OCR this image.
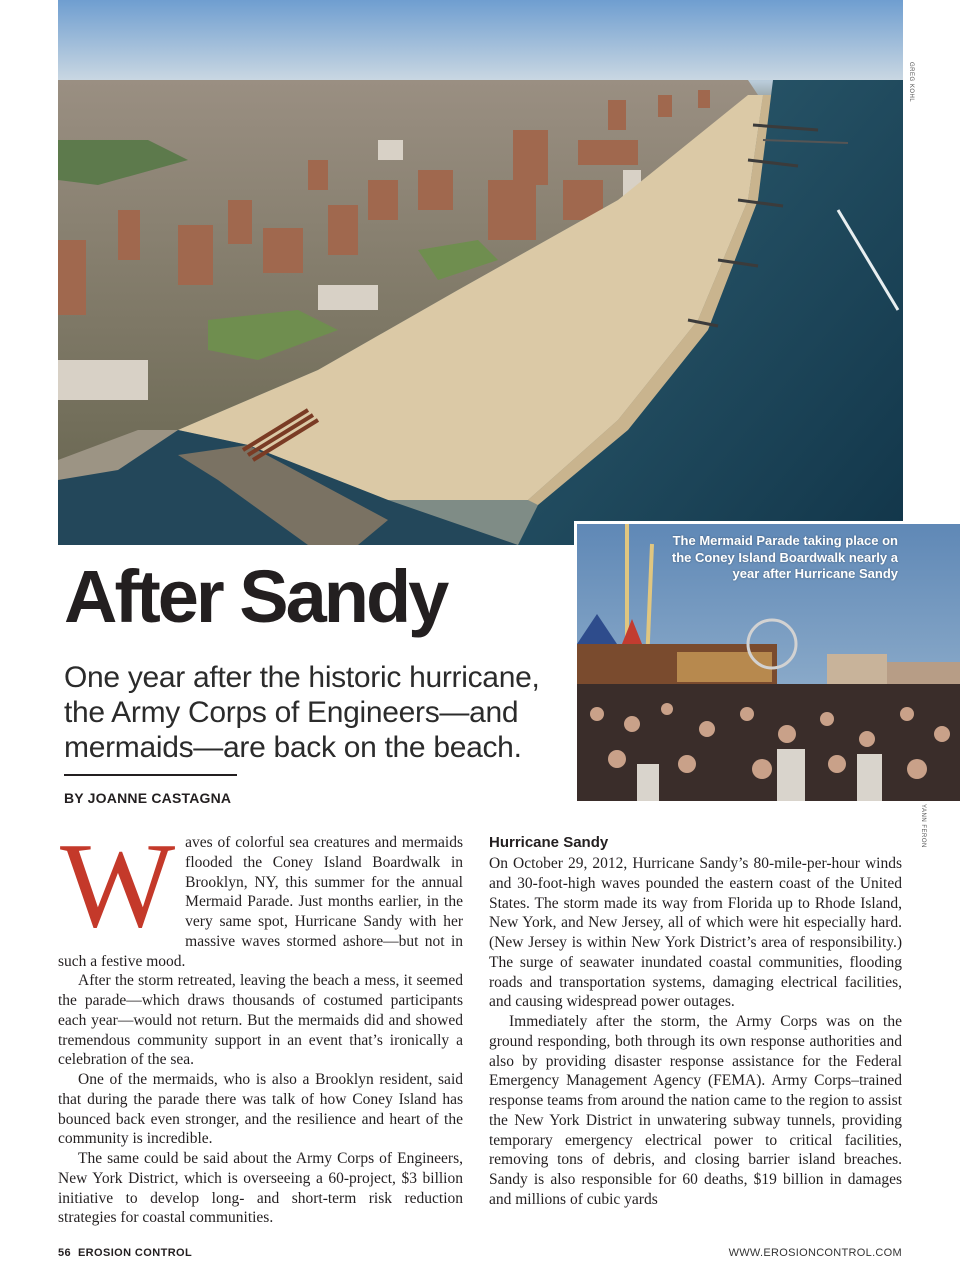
GREG KOHL
The Mermaid Parade taking place on the Coney Island Boardwalk nearly a year after Hurricane Sandy
YANN FERON
After Sandy
One year after the historic hurricane, the Army Corps of Engineers—and mermaids—are back on the beach.
BY JOANNE CASTAGNA

Waves of colorful sea creatures and mermaids flooded the Coney Island Boardwalk in Brooklyn, NY, this summer for the annual Mermaid Parade. Just months earlier, in the very same spot, Hurricane Sandy with her massive waves stormed ashore—but not in such a festive mood.

After the storm retreated, leaving the beach a mess, it seemed the parade—which draws thousands of costumed participants each year—would not return. But the mermaids did and showed tremendous community support in an event that’s ironically a celebration of the sea.

One of the mermaids, who is also a Brooklyn resident, said that during the parade there was talk of how Coney Island has bounced back even stronger, and the resilience and heart of the community is incredible.

The same could be said about the Army Corps of Engineers, New York District, which is overseeing a 60-project, $3 billion initiative to develop long- and short-term risk reduction strategies for coastal communities.

Hurricane Sandy

On October 29, 2012, Hurricane Sandy’s 80-mile-per-hour winds and 30-foot-high waves pounded the eastern coast of the United States. The storm made its way from Florida up to Rhode Island, New York, and New Jersey, all of which were hit especially hard. (New Jersey is within New York District’s area of responsibility.) The surge of seawater inundated coastal communities, flooding roads and transportation systems, damaging electrical facilities, and causing widespread power outages.

Immediately after the storm, the Army Corps was on the ground responding, both through its own response authorities and also by providing disaster response assistance for the Federal Emergency Management Agency (FEMA). Army Corps–trained response teams from around the nation came to the region to assist the New York District in unwatering subway tunnels, providing temporary emergency electrical power to critical facilities, removing tons of debris, and closing barrier island breaches. Sandy is also responsible for 60 deaths, $19 billion in damages and millions of cubic yards

56  EROSION CONTROL	WWW.EROSIONCONTROL.COM
